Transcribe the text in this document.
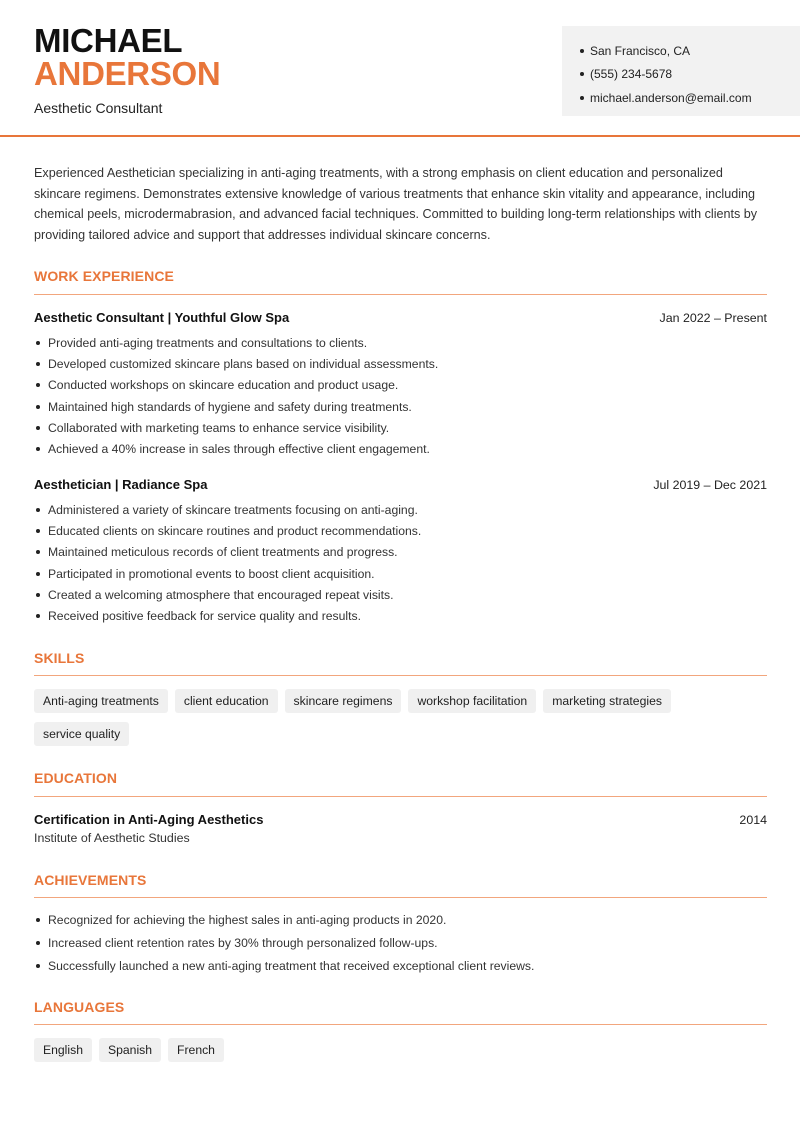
MICHAEL
ANDERSON
Aesthetic Consultant
San Francisco, CA
(555) 234-5678
michael.anderson@email.com

Experienced Aesthetician specializing in anti-aging treatments, with a strong emphasis on client education and personalized skincare regimens. Demonstrates extensive knowledge of various treatments that enhance skin vitality and appearance, including chemical peels, microdermabrasion, and advanced facial techniques. Committed to building long-term relationships with clients by providing tailored advice and support that addresses individual skincare concerns.

WORK EXPERIENCE
Aesthetic Consultant | Youthful Glow Spa	Jan 2022 – Present
Provided anti-aging treatments and consultations to clients.
Developed customized skincare plans based on individual assessments.
Conducted workshops on skincare education and product usage.
Maintained high standards of hygiene and safety during treatments.
Collaborated with marketing teams to enhance service visibility.
Achieved a 40% increase in sales through effective client engagement.
Aesthetician | Radiance Spa	Jul 2019 – Dec 2021
Administered a variety of skincare treatments focusing on anti-aging.
Educated clients on skincare routines and product recommendations.
Maintained meticulous records of client treatments and progress.
Participated in promotional events to boost client acquisition.
Created a welcoming atmosphere that encouraged repeat visits.
Received positive feedback for service quality and results.
SKILLS
Anti-aging treatments	client education	skincare regimens	workshop facilitation	marketing strategies
service quality
EDUCATION
Certification in Anti-Aging Aesthetics	2014
Institute of Aesthetic Studies
ACHIEVEMENTS
Recognized for achieving the highest sales in anti-aging products in 2020.
Increased client retention rates by 30% through personalized follow-ups.
Successfully launched a new anti-aging treatment that received exceptional client reviews.
LANGUAGES
English	Spanish	French
